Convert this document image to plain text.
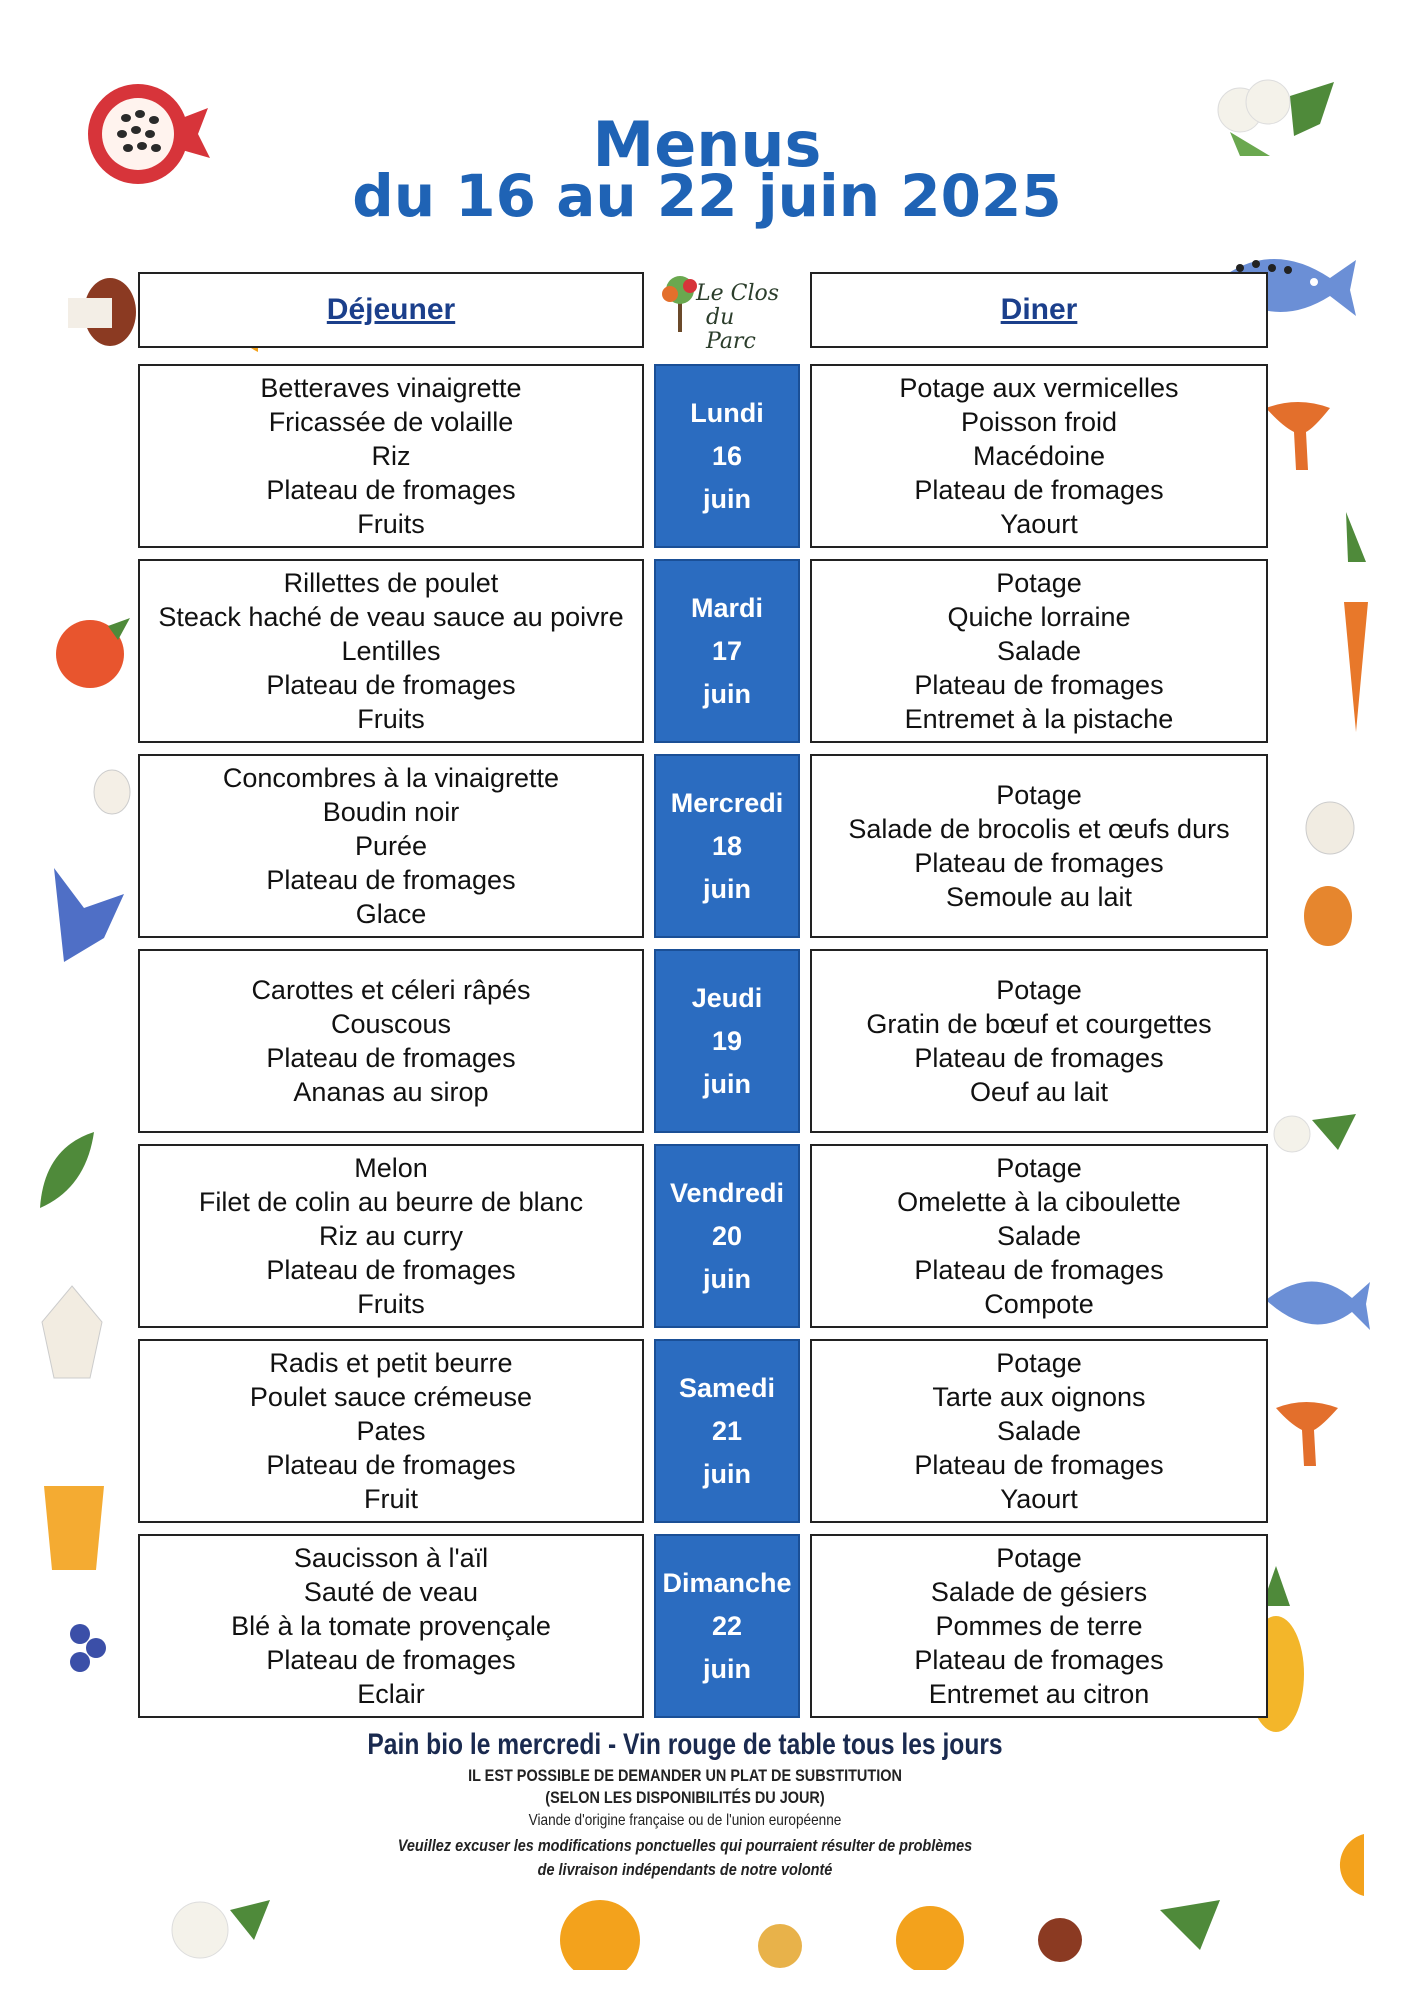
Menus
du 16 au 22 juin 2025
Déjeuner	Diner
Le Clos
du Parc
Betteraves vinaigrette
Fricassée de volaille
Riz
Plateau de fromages
Fruits
Lundi
16
juin
Potage aux vermicelles
Poisson froid
Macédoine
Plateau de fromages
Yaourt
Rillettes de poulet
Steack haché de veau sauce au poivre
Lentilles
Plateau de fromages
Fruits
Mardi
17
juin
Potage
Quiche lorraine
Salade
Plateau de fromages
Entremet à la pistache
Concombres à la vinaigrette
Boudin noir
Purée
Plateau de fromages
Glace
Mercredi
18
juin
Potage
Salade de brocolis et œufs durs
Plateau de fromages
Semoule au lait
Carottes et céleri râpés
Couscous
Plateau de fromages
Ananas au sirop
Jeudi
19
juin
Potage
Gratin de bœuf et courgettes
Plateau de fromages
Oeuf au lait
Melon
Filet de colin au beurre de blanc
Riz au curry
Plateau de fromages
Fruits
Vendredi
20
juin
Potage
Omelette à la ciboulette
Salade
Plateau de fromages
Compote
Radis et petit beurre
Poulet sauce crémeuse
Pates
Plateau de fromages
Fruit
Samedi
21
juin
Potage
Tarte aux oignons
Salade
Plateau de fromages
Yaourt
Saucisson à l'aïl
Sauté de veau
Blé à la tomate provençale
Plateau de fromages
Eclair
Dimanche
22
juin
Potage
Salade de gésiers
Pommes de terre
Plateau de fromages
Entremet au citron
Pain bio le mercredi - Vin rouge de table tous les jours
IL EST POSSIBLE DE DEMANDER UN PLAT DE SUBSTITUTION
(SELON LES DISPONIBILITÉS DU JOUR)
Viande d'origine française ou de l'union européenne
Veuillez excuser les modifications ponctuelles qui pourraient résulter de problèmes
de livraison indépendants de notre volonté
